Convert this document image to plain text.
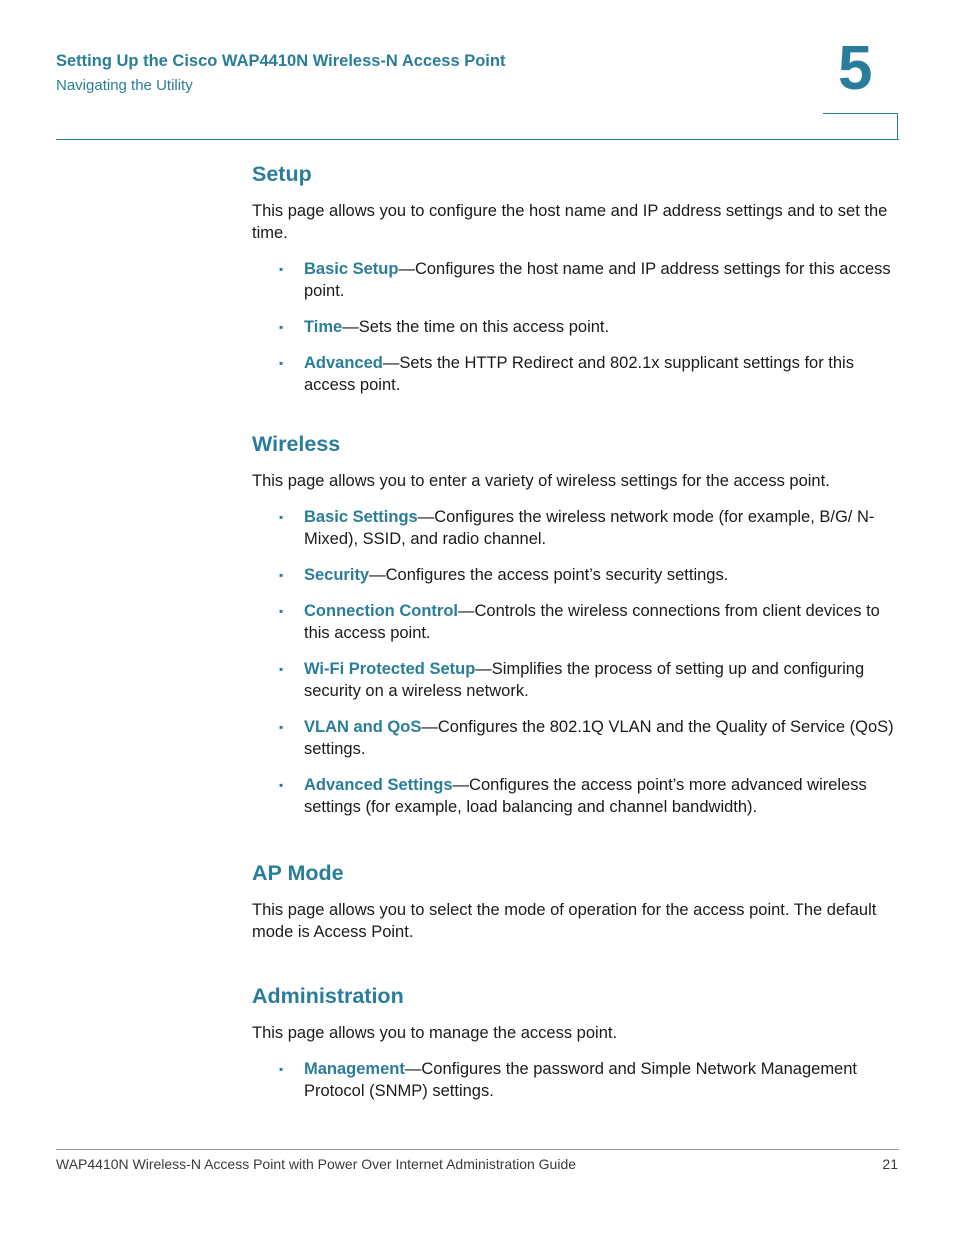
Setting Up the Cisco WAP4410N Wireless-N Access Point
Navigating the Utility	5
Setup

This page allows you to configure the host name and IP address settings and to set the time.

▪ Basic Setup—Configures the host name and IP address settings for this access point.
▪ Time—Sets the time on this access point.
▪ Advanced—Sets the HTTP Redirect and 802.1x supplicant settings for this access point.
Wireless

This page allows you to enter a variety of wireless settings for the access point.

▪ Basic Settings—Configures the wireless network mode (for example, B/G/ N-Mixed), SSID, and radio channel.
▪ Security—Configures the access point’s security settings.
▪ Connection Control—Controls the wireless connections from client devices to this access point.
▪ Wi-Fi Protected Setup—Simplifies the process of setting up and configuring security on a wireless network.
▪ VLAN and QoS—Configures the 802.1Q VLAN and the Quality of Service (QoS) settings.
▪ Advanced Settings—Configures the access point’s more advanced wireless settings (for example, load balancing and channel bandwidth).
AP Mode

This page allows you to select the mode of operation for the access point. The default mode is Access Point.

Administration

This page allows you to manage the access point.

▪ Management—Configures the password and Simple Network Management Protocol (SNMP) settings.
WAP4410N Wireless-N Access Point with Power Over Internet Administration Guide	21
